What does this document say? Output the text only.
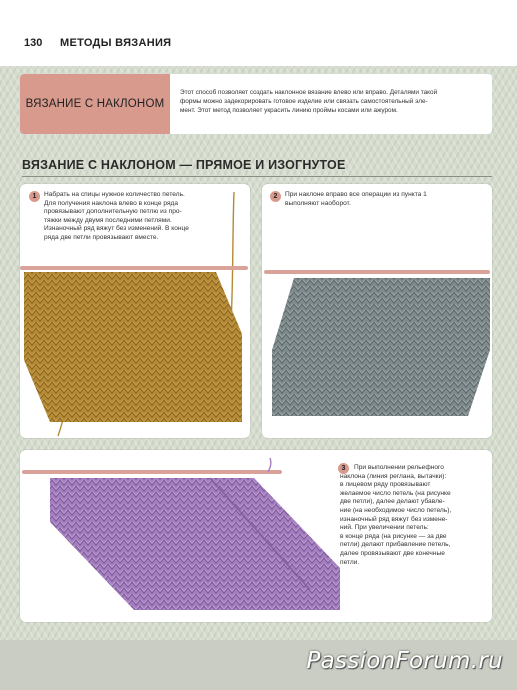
130 МЕТОДЫ ВЯЗАНИЯ
ВЯЗАНИЕ С НАКЛОНОМ
Этот способ позволяет создать наклонное вязание влево или вправо. Деталями такой
формы можно задекорировать готовое изделие или связать самостоятельный эле-
мент. Этот метод позволяет украсить линию проймы косами или ажуром.
ВЯЗАНИЕ С НАКЛОНОМ — ПРЯМОЕ И ИЗОГНУТОЕ
1	Набрать на спицы нужное количество петель.
Для получения наклона влево в конце ряда
провязывают дополнительную петлю из про-
тяжки между двумя последними петлями.
Изнаночный ряд вяжут без изменений. В конце
ряда две петли провязывают вместе.
2	При наклоне вправо все операции из пункта 1
выполняют наоборот.
3	При выполнении рельефного
наклона (линия реглана, вытачки):
в лицевом ряду провязывают
желаемое число петель (на рисунке
две петли), далее делают убавле-
ние (на необходимое число петель),
изнаночный ряд вяжут без измене-
ний. При увеличении петель:
в конце ряда (на рисунке — за две
петли) делают прибавление петель,
далее провязывают две конечные
петли.
PassionForum.ru
